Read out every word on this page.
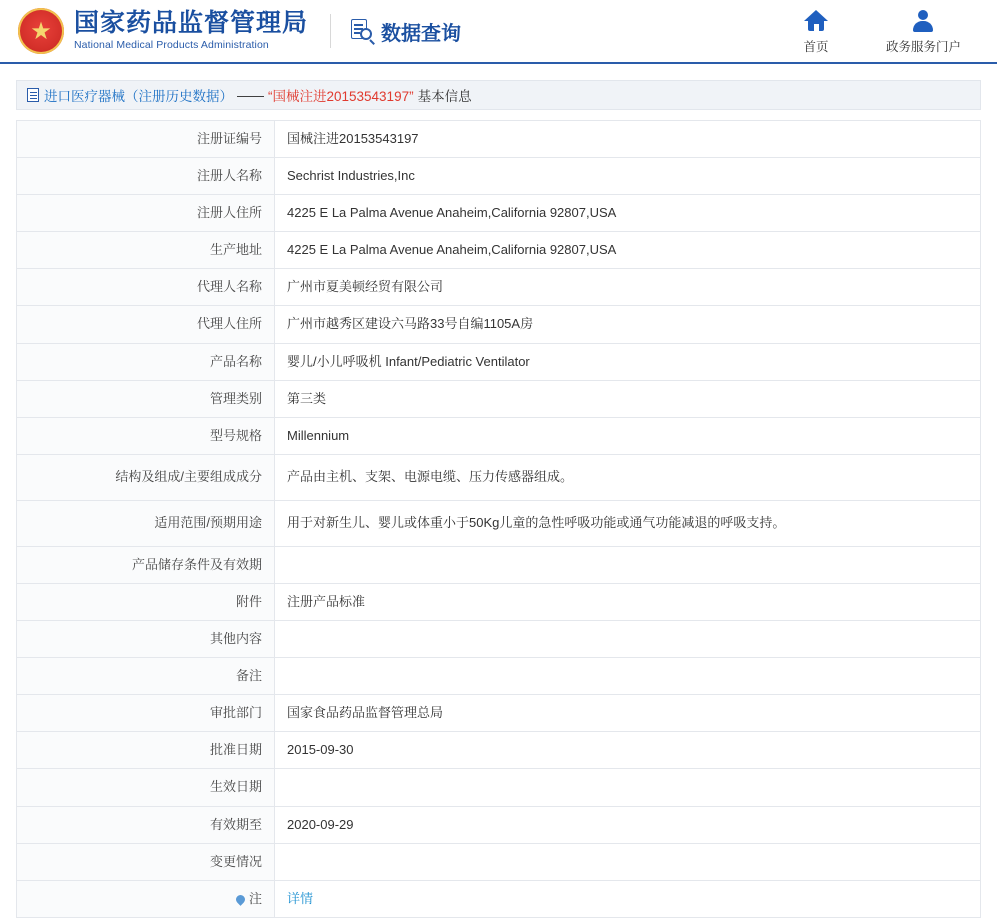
★ 国家药品监督管理局
National Medical Products Administration
数据查询
首页	政务服务门户
进口医疗器械（注册历史数据） —— “国械注进20153543197” 基本信息
注册证编号	国械注进20153543197
注册人名称	Sechrist Industries,Inc
注册人住所	4225 E La Palma Avenue Anaheim,California 92807,USA
生产地址	4225 E La Palma Avenue Anaheim,California 92807,USA
代理人名称	广州市夏美顿经贸有限公司
代理人住所	广州市越秀区建设六马路33号自编1105A房
产品名称	婴儿/小儿呼吸机 Infant/Pediatric Ventilator
管理类别	第三类
型号规格	Millennium
结构及组成/主要组成成分	产品由主机、支架、电源电缆、压力传感器组成。
适用范围/预期用途	用于对新生儿、婴儿或体重小于50Kg儿童的急性呼吸功能或通气功能减退的呼吸支持。
产品储存条件及有效期	
附件	注册产品标准
其他内容	
备注	
审批部门	国家食品药品监督管理总局
批准日期	2015-09-30
生效日期	
有效期至	2020-09-29
变更情况	
注	详情
